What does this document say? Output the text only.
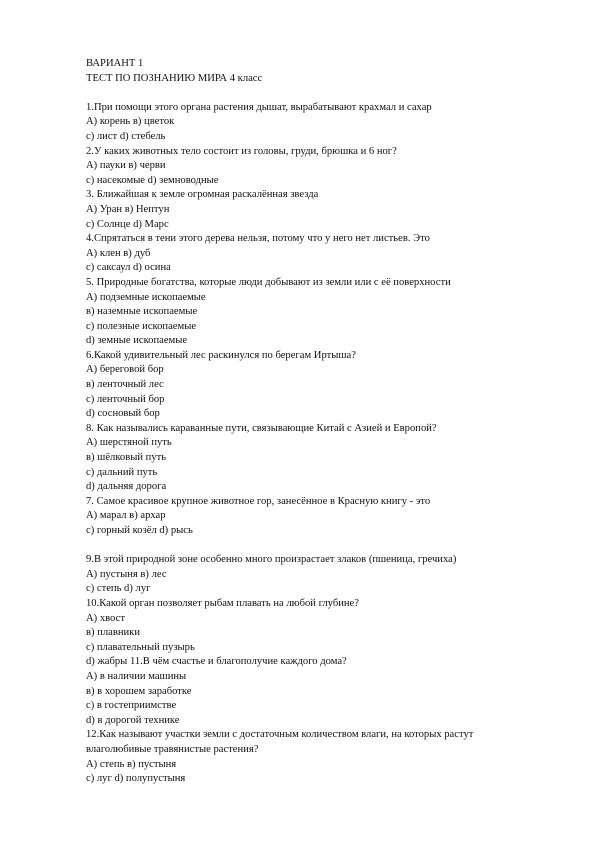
ВАРИАНТ 1
ТЕСТ ПО ПОЗНАНИЮ МИРА 4 класс
1.При помощи этого органа растения дышат, вырабатывают крахмал и сахар
А) корень в) цветок
с) лист d) стебель
2.У каких животных тело состоит из головы, груди, брюшка и 6 ног?
А) пауки в) черви
с) насекомые d) земноводные
3. Ближайшая к земле огромная раскалённая звезда
А) Уран в) Нептун
с) Солнце d) Марс
4.Спрятаться в тени этого дерева нельзя, потому что у него нет листьев. Это
А) клен в) дуб
с) саксаул d) осина
5. Природные богатства, которые люди добывают из земли или с её поверхности
А) подземные ископаемые
в) наземные ископаемые
с) полезные ископаемые
d) земные ископаемые
6.Какой удивительный лес раскинулся по берегам Иртыша?
А) береговой бор
в) ленточный лес
с) ленточный бор
d) сосновый бор
8. Как назывались караванные пути, связывающие Китай с Азией и Европой?
А) шерстяной путь
в) шёлковый путь
с) дальний путь
d) дальняя дорога
7. Самое красивое крупное животное гор, занесённое в Красную книгу - это
А) марал в) архар
с) горный козёл d) рысь
9.В этой природной зоне особенно много произрастает злаков (пшеница, гречиха)
А) пустыня в) лес
с) степь d) луг
10.Какой орган позволяет рыбам плавать на любой глубине?
А) хвост
в) плавники
с) плавательный пузырь
d) жабры 11.В чём счастье и благополучие каждого дома?
А) в наличии машины
в) в хорошем заработке
с) в гостеприимстве
d) в дорогой технике
12.Как называют участки земли с достаточным количеством влаги, на которых растут
влаголюбивые травянистые растения?
А) степь в) пустыня
с) луг d) полупустыня
